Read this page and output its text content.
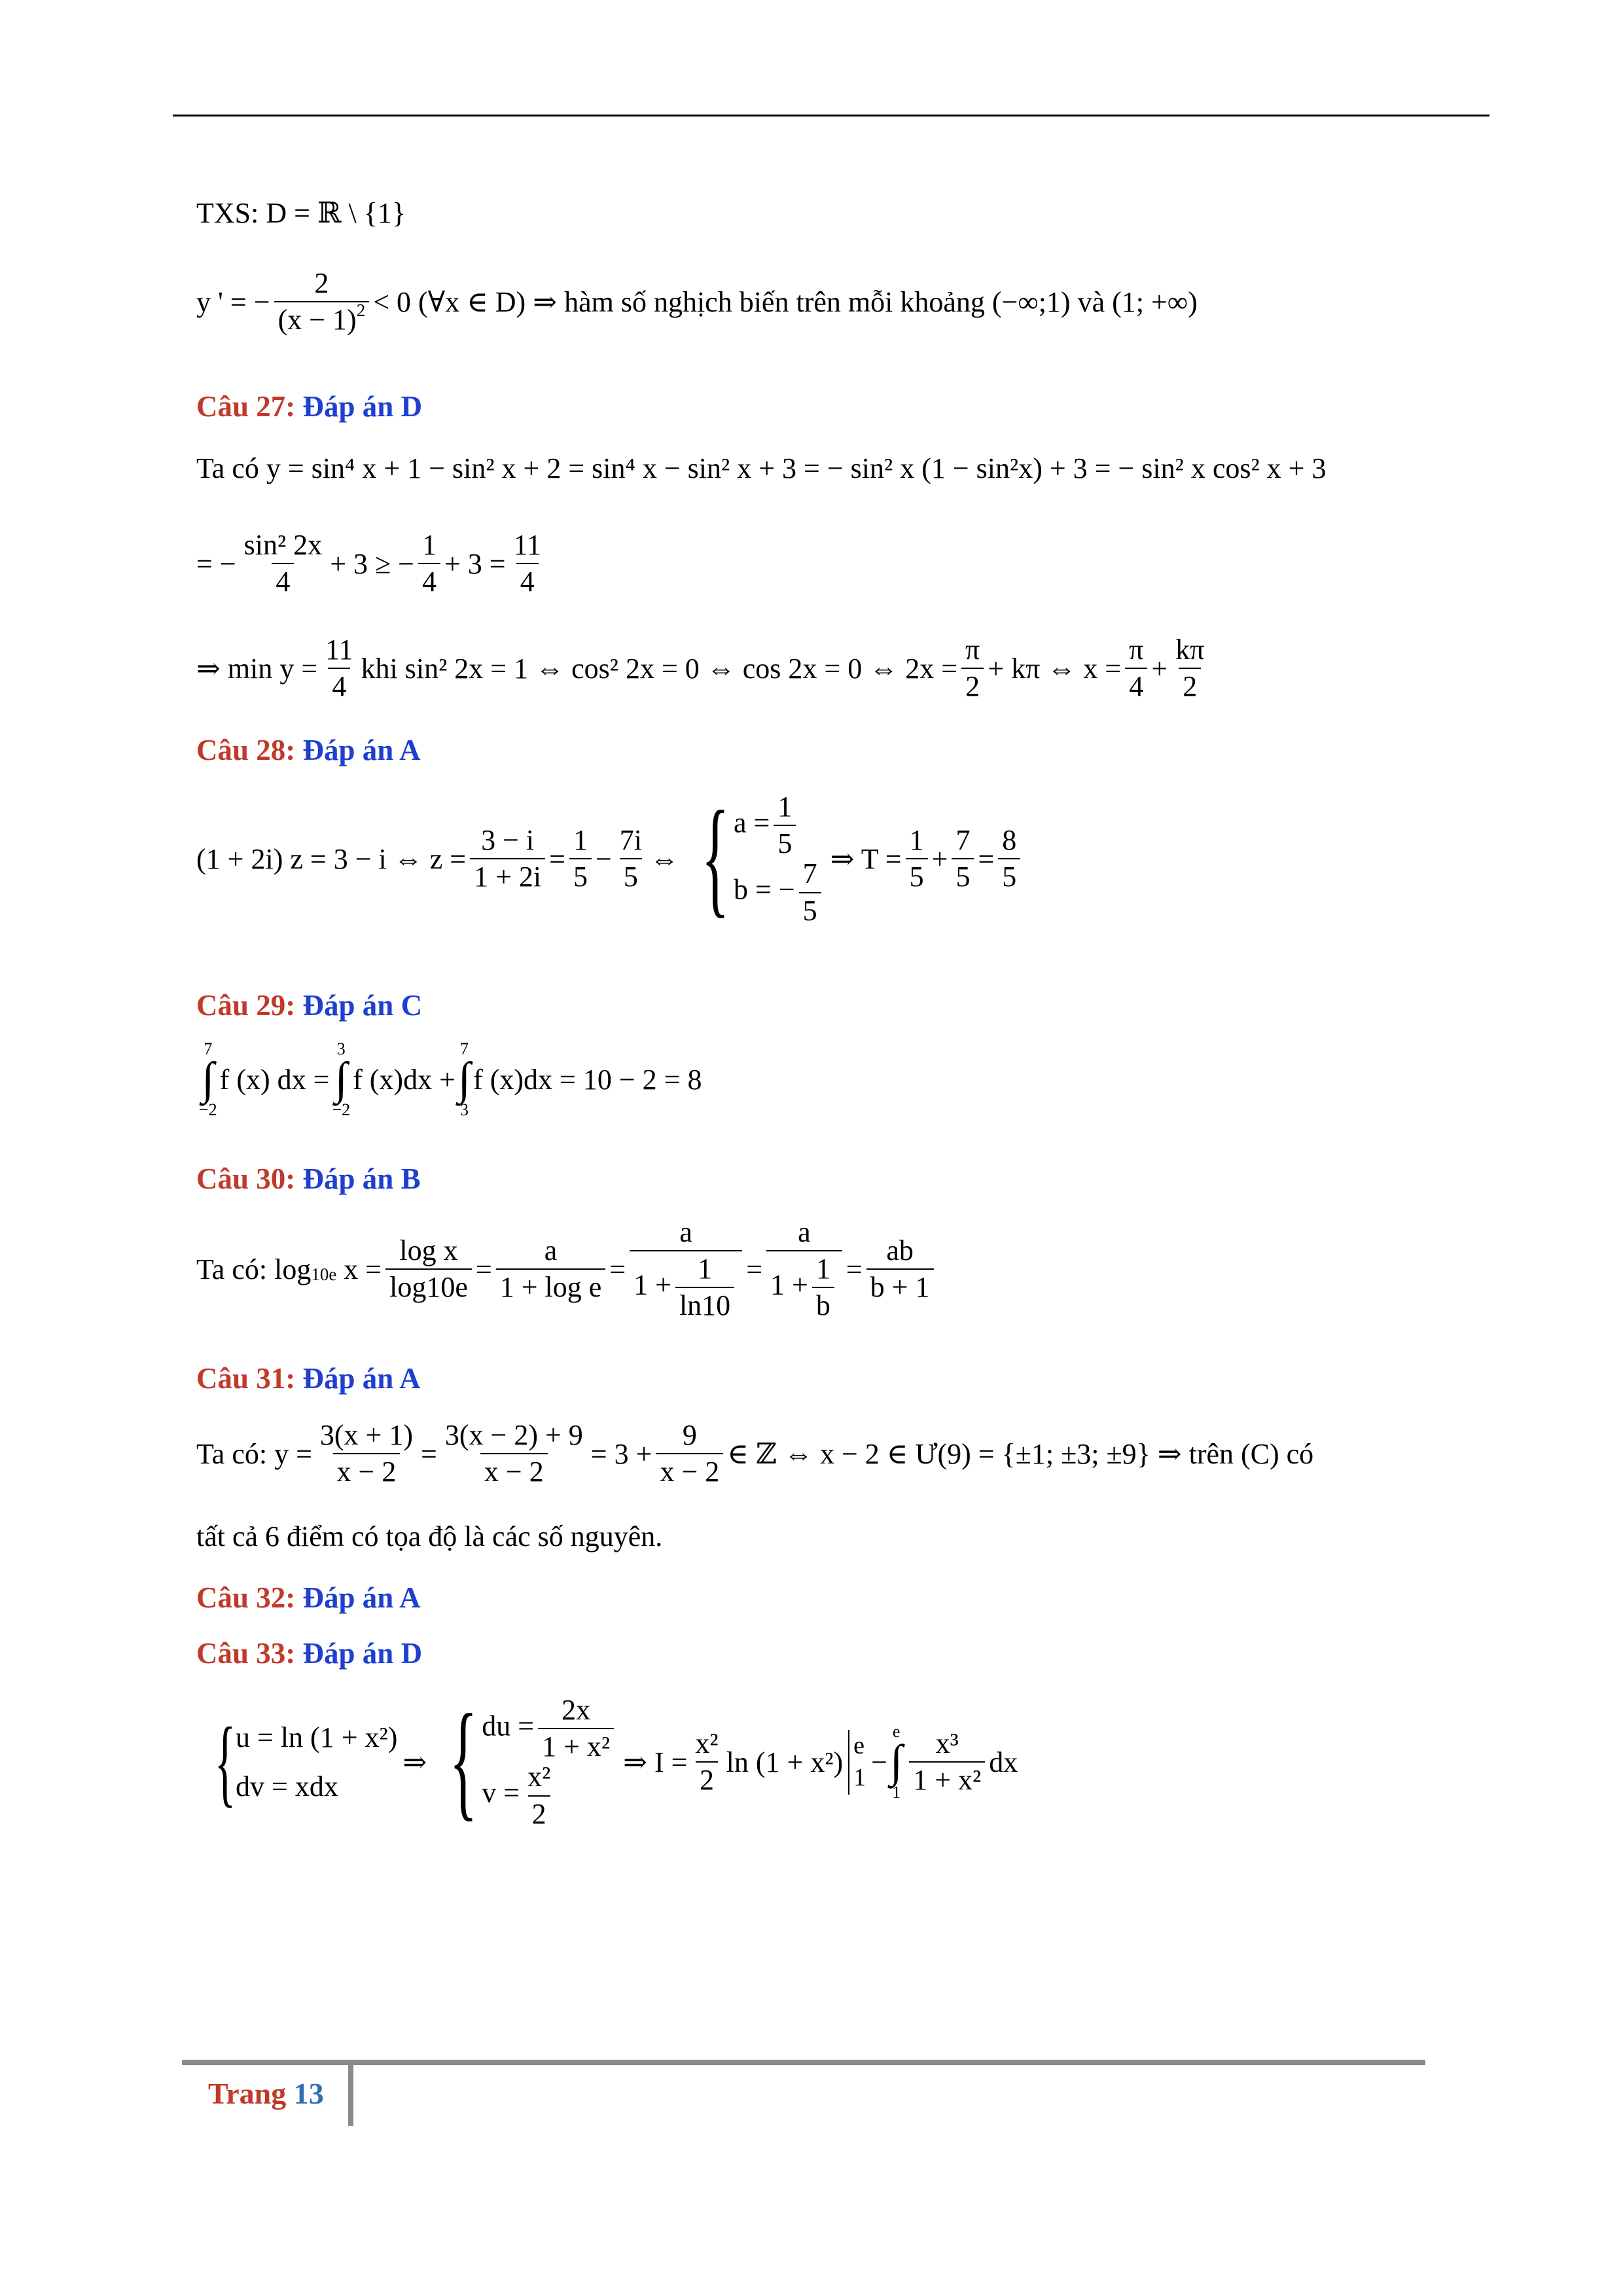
TXS:
D = ℝ \ {1}
y ' = − $\frac{2}{(x - 1)^2} < 0$ (∀x ∈ D) ⇒
hàm số nghịch biến trên mỗi khoảng
(−∞;1)
và
(1; +∞)
Câu 27: Đáp án D
Ta có
y = sin⁴ x + 1 − sin² x + 2 = sin⁴ x − sin² x + 3 = − sin² x (1 − sin²x) + 3 = − sin² x cos² x + 3
= − $\frac{\text{sin² 2x}}{4} + 3$ ≥ − $\frac{1}{4} + 3 = \frac{11}{4}$
⇒ $\min y = \frac{11}{4}$ khi sin² 2x = 1 ⇔ cos² 2x = 0 ⇔ cos 2x = 0 ⇔ $2x = \frac{\pi}{2} + k\pi$ ⇔ $x = \frac{\pi}{4} + \frac{k\pi}{2}$
Câu 28: Đáp án A
(1 + 2i) z = 3 − i ⇔ $z = \frac{3 - i}{1 + 2i} = \frac{1}{5} - \frac{7i}{5}$ ⇔ { $a = \frac{1}{5}$
b = − $\frac{7}{5}$ ⇒ $T = \frac{1}{5} + \frac{7}{5} = \frac{8}{5}$
Câu 29: Đáp án C
7
∫
−2
f (x) dx =
3
∫
−2
f (x)dx +
7
∫
3
f (x)dx = 10 − 2 = 8
Câu 30: Đáp án B
Ta có: log 10e
$x = \frac{\text{log x}}{\log 10e} = \frac{a}{\text{1 + log e}} = \frac{a}{1 + \frac{1}{\ln 10}} = \frac{a}{1 + \frac{1}{b}} = \frac{ab}{b + 1}$
Câu 31: Đáp án A
Ta có: $y = \frac{3(x + 1)}{x - 2} = \frac{3(x - 2) + 9}{x - 2} = 3 + \frac{9}{x - 2}$ ∈ ℤ ⇔ x − 2 ∈ Ư(9) = {±1; ±3; ±9} ⇒ trên (C) có
tất cả 6 điểm có tọa độ là các số nguyên.
Câu 32: Đáp án A
Câu 33: Đáp án D
{ u = ln (1 + x²)
dv = xdx
⇒ { du = $\frac{2x}{\text{1 + x²}}$
$v = \frac{\text{x²}}{2}$ ⇒ $I = \frac{\text{x²}}{2}$ ln (1 + x²)
e
1 −
e
∫
$1 \frac{\text{x³}}{\text{1 + x²}}$ dx
Trang 13
